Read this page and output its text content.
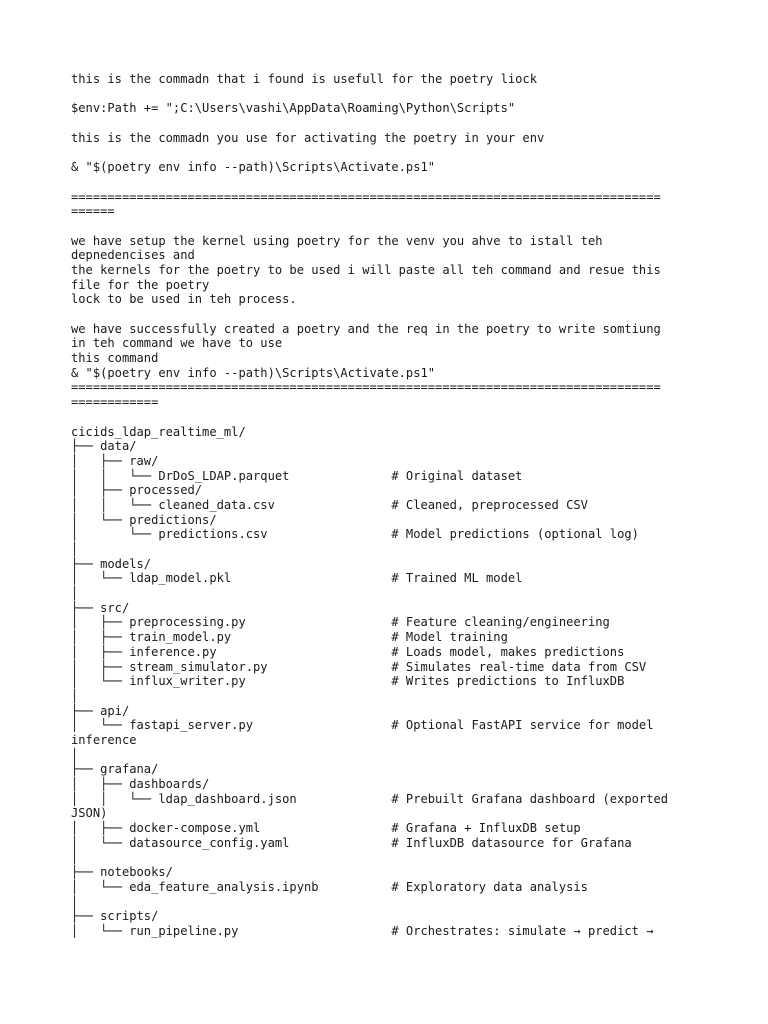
this is the commadn that i found is usefull for the poetry liock
$env:Path += ";C:\Users\vashi\AppData\Roaming\Python\Scripts"
this is the commadn you use for activating the poetry in your env
& "$(poetry env info --path)\Scripts\Activate.ps1"
=================================================================================
======
we have setup the kernel using poetry for the venv you ahve to istall teh
depnedencises and
the kernels for the poetry to be used i will paste all teh command and resue this
file for the poetry
lock to be used in teh process.
we have successfully created a poetry and the req in the poetry to write somtiung
in teh command we have to use
this command
& "$(poetry env info --path)\Scripts\Activate.ps1"
=================================================================================
============
cicids_ldap_realtime_ml/
├── data/
│   ├── raw/
│   │   └── DrDoS_LDAP.parquet              # Original dataset
│   ├── processed/
│   │   └── cleaned_data.csv                # Cleaned, preprocessed CSV
│   └── predictions/
│       └── predictions.csv                 # Model predictions (optional log)
│
├── models/
│   └── ldap_model.pkl                      # Trained ML model
│
├── src/
│   ├── preprocessing.py                    # Feature cleaning/engineering
│   ├── train_model.py                      # Model training
│   ├── inference.py                        # Loads model, makes predictions
│   ├── stream_simulator.py                 # Simulates real-time data from CSV
│   └── influx_writer.py                    # Writes predictions to InfluxDB
│
├── api/
│   └── fastapi_server.py                   # Optional FastAPI service for model
inference
│
├── grafana/
│   ├── dashboards/
│   │   └── ldap_dashboard.json             # Prebuilt Grafana dashboard (exported
JSON)
│   ├── docker-compose.yml                  # Grafana + InfluxDB setup
│   └── datasource_config.yaml              # InfluxDB datasource for Grafana
│
├── notebooks/
│   └── eda_feature_analysis.ipynb          # Exploratory data analysis
│
├── scripts/
│   └── run_pipeline.py                     # Orchestrates: simulate → predict →
